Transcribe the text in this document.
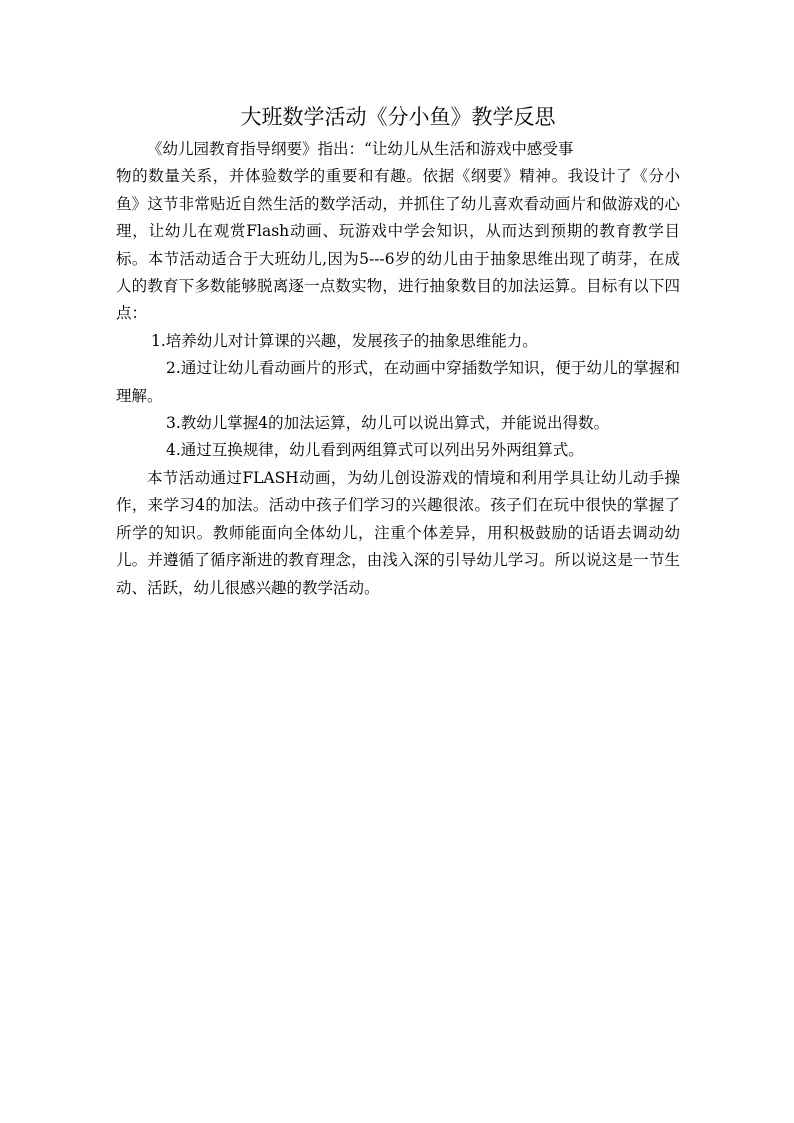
大班数学活动《分小鱼》教学反思

《幼儿园教育指导纲要》指出：“让幼儿从生活和游戏中感受事
物的数量关系，并体验数学的重要和有趣。依据《纲要》精神。我设计了《分小鱼》这节非常贴近自然生活的数学活动，并抓住了幼儿喜欢看动画片和做游戏的心理，让幼儿在观赏Flash动画、玩游戏中学会知识，从而达到预期的教育教学目标。本节活动适合于大班幼儿,因为5---6岁的幼儿由于抽象思维出现了萌芽，在成人的教育下多数能够脱离逐一点数实物，进行抽象数目的加法运算。目标有以下四点：

1.培养幼儿对计算课的兴趣，发展孩子的抽象思维能力。

2.通过让幼儿看动画片的形式，在动画中穿插数学知识，便于幼儿的掌握和理解。

3.教幼儿掌握4的加法运算，幼儿可以说出算式，并能说出得数。

4.通过互换规律，幼儿看到两组算式可以列出另外两组算式。

本节活动通过FLASH动画，为幼儿创设游戏的情境和利用学具让幼儿动手操作，来学习4的加法。活动中孩子们学习的兴趣很浓。孩子们在玩中很快的掌握了所学的知识。教师能面向全体幼儿，注重个体差异，用积极鼓励的话语去调动幼儿。并遵循了循序渐进的教育理念，由浅入深的引导幼儿学习。所以说这是一节生动、活跃，幼儿很感兴趣的教学活动。
